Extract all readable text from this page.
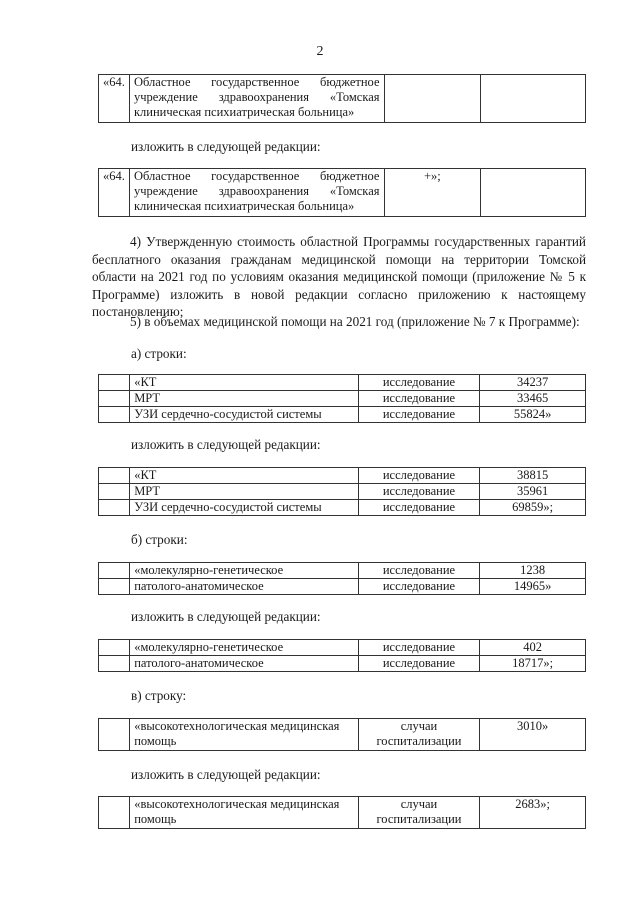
2
«64.	Областное государственное бюджетное учреждение здравоохранения «Томская клиническая психиатрическая больница»		
изложить в следующей редакции:
«64.	Областное государственное бюджетное учреждение здравоохранения «Томская клиническая психиатрическая больница»	+»;	
4) Утвержденную стоимость областной Программы государственных гарантий бесплатного оказания гражданам медицинской помощи на территории Томской области на 2021 год по условиям оказания медицинской помощи (приложение № 5 к Программе) изложить в новой редакции согласно приложению к настоящему постановлению;
5) в объемах медицинской помощи на 2021 год (приложение № 7 к Программе):
а) строки:
	«КТ	исследование	34237
	МРТ	исследование	33465
	УЗИ сердечно-сосудистой системы	исследование	55824»
изложить в следующей редакции:
	«КТ	исследование	38815
	МРТ	исследование	35961
	УЗИ сердечно-сосудистой системы	исследование	69859»;
б) строки:
	«молекулярно-генетическое	исследование	1238
	патолого-анатомическое	исследование	14965»
изложить в следующей редакции:
	«молекулярно-генетическое	исследование	402
	патолого-анатомическое	исследование	18717»;
в) строку:
	«высокотехнологическая медицинская помощь	случаи госпитализации	3010»
изложить в следующей редакции:
	«высокотехнологическая медицинская помощь	случаи госпитализации	2683»;
